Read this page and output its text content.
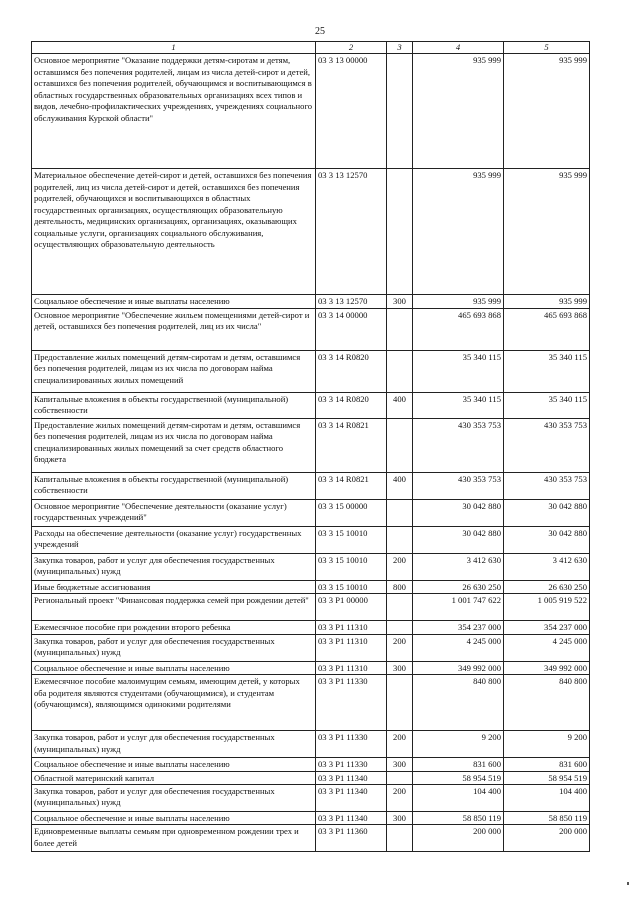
25
1	2	3	4	5
Основное мероприятие "Оказание поддержки детям-сиротам и детям, оставшимся без попечения родителей, лицам из числа детей-сирот и детей, оставшихся без попечения родителей, обучающимся и воспитывающимся в областных государственных образовательных организациях всех типов и видов, лечебно-профилактических учреждениях, учреждениях социального обслуживания Курской области"	03 3 13 00000		935 999	935 999
Материальное обеспечение детей-сирот и детей, оставшихся без попечения родителей, лиц из числа детей-сирот и детей, оставшихся без попечения родителей, обучающихся и воспитывающихся в областных государственных организациях, осуществляющих образовательную деятельность, медицинских организациях, организациях, оказывающих социальные услуги, организациях социального обслуживания, осуществляющих образовательную деятельность	03 3 13 12570		935 999	935 999
Социальное обеспечение и иные выплаты населению	03 3 13 12570	300	935 999	935 999
Основное мероприятие "Обеспечение жильем помещениями детей-сирот и детей, оставшихся без попечения родителей, лиц из их числа"	03 3 14 00000		465 693 868	465 693 868
Предоставление жилых помещений детям-сиротам и детям, оставшимся без попечения родителей, лицам из их числа по договорам найма специализированных жилых помещений	03 3 14 R0820		35 340 115	35 340 115
Капитальные вложения в объекты государственной (муниципальной) собственности	03 3 14 R0820	400	35 340 115	35 340 115
Предоставление жилых помещений детям-сиротам и детям, оставшимся без попечения родителей, лицам из их числа по договорам найма специализированных жилых помещений за счет средств областного бюджета	03 3 14 R0821		430 353 753	430 353 753
Капитальные вложения в объекты государственной (муниципальной) собственности	03 3 14 R0821	400	430 353 753	430 353 753
Основное мероприятие "Обеспечение деятельности (оказание услуг) государственных учреждений"	03 3 15 00000		30 042 880	30 042 880
Расходы на обеспечение деятельности (оказание услуг) государственных учреждений	03 3 15 10010		30 042 880	30 042 880
Закупка товаров, работ и услуг для обеспечения государственных (муниципальных) нужд	03 3 15 10010	200	3 412 630	3 412 630
Иные бюджетные ассигнования	03 3 15 10010	800	26 630 250	26 630 250
Региональный проект "Финансовая поддержка семей при рождении детей"	03 3 P1 00000		1 001 747 622	1 005 919 522
Ежемесячное пособие при рождении второго ребенка	03 3 P1 11310		354 237 000	354 237 000
Закупка товаров, работ и услуг для обеспечения государственных (муниципальных) нужд	03 3 P1 11310	200	4 245 000	4 245 000
Социальное обеспечение и иные выплаты населению	03 3 P1 11310	300	349 992 000	349 992 000
Ежемесячное пособие малоимущим семьям, имеющим детей, у которых оба родителя являются студентами (обучающимися), и студентам (обучающимся), являющимся одинокими родителями	03 3 P1 11330		840 800	840 800
Закупка товаров, работ и услуг для обеспечения государственных (муниципальных) нужд	03 3 P1 11330	200	9 200	9 200
Социальное обеспечение и иные выплаты населению	03 3 P1 11330	300	831 600	831 600
Областной материнский капитал	03 3 P1 11340		58 954 519	58 954 519
Закупка товаров, работ и услуг для обеспечения государственных (муниципальных) нужд	03 3 P1 11340	200	104 400	104 400
Социальное обеспечение и иные выплаты населению	03 3 P1 11340	300	58 850 119	58 850 119
Единовременные выплаты семьям при одновременном рождении трех и более детей	03 3 P1 11360		200 000	200 000
